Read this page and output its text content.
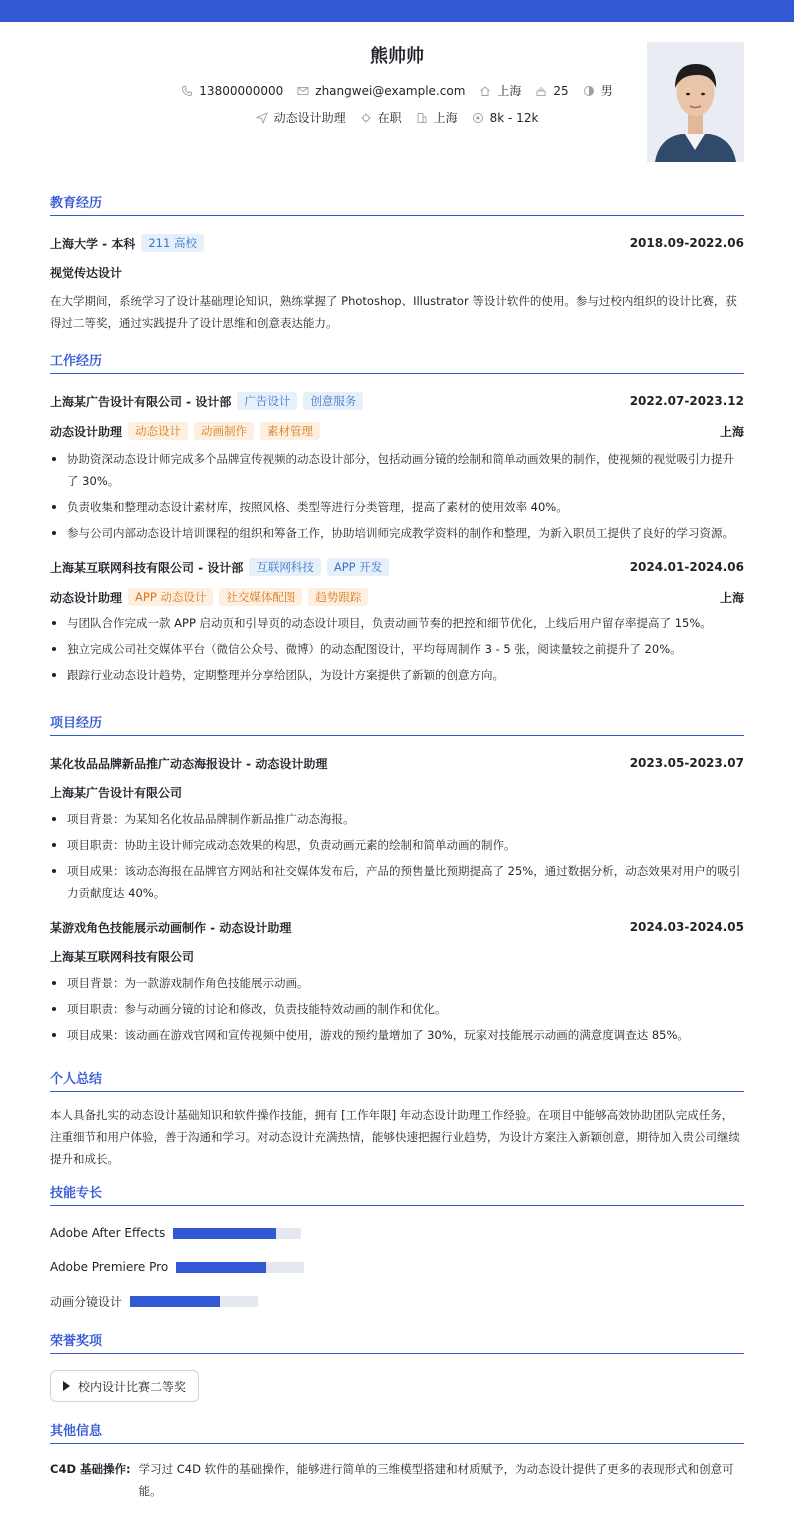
熊帅帅
13800000000	zhangwei@example.com	上海	25	男
动态设计助理	在职	上海	8k - 12k
教育经历
上海大学 - 本科	211 高校	2018.09-2022.06
视觉传达设计
在大学期间，系统学习了设计基础理论知识，熟练掌握了 Photoshop、Illustrator 等设计软件的使用。参与过校内组织的设计比赛，获得过二等奖，通过实践提升了设计思维和创意表达能力。
工作经历
上海某广告设计有限公司 - 设计部	广告设计	创意服务	2022.07-2023.12
动态设计助理	动态设计	动画制作	素材管理	上海
协助资深动态设计师完成多个品牌宣传视频的动态设计部分，包括动画分镜的绘制和简单动画效果的制作，使视频的视觉吸引力提升了 30%。
负责收集和整理动态设计素材库，按照风格、类型等进行分类管理，提高了素材的使用效率 40%。
参与公司内部动态设计培训课程的组织和筹备工作，协助培训师完成教学资料的制作和整理，为新入职员工提供了良好的学习资源。
上海某互联网科技有限公司 - 设计部	互联网科技	APP 开发	2024.01-2024.06
动态设计助理	APP 动态设计	社交媒体配图	趋势跟踪	上海
与团队合作完成一款 APP 启动页和引导页的动态设计项目，负责动画节奏的把控和细节优化，上线后用户留存率提高了 15%。
独立完成公司社交媒体平台（微信公众号、微博）的动态配图设计，平均每周制作 3 - 5 张，阅读量较之前提升了 20%。
跟踪行业动态设计趋势，定期整理并分享给团队，为设计方案提供了新颖的创意方向。
项目经历
某化妆品品牌新品推广动态海报设计 - 动态设计助理	2023.05-2023.07
上海某广告设计有限公司
项目背景：为某知名化妆品品牌制作新品推广动态海报。
项目职责：协助主设计师完成动态效果的构思，负责动画元素的绘制和简单动画的制作。
项目成果：该动态海报在品牌官方网站和社交媒体发布后，产品的预售量比预期提高了 25%，通过数据分析，动态效果对用户的吸引力贡献度达 40%。
某游戏角色技能展示动画制作 - 动态设计助理	2024.03-2024.05
上海某互联网科技有限公司
项目背景：为一款游戏制作角色技能展示动画。
项目职责：参与动画分镜的讨论和修改，负责技能特效动画的制作和优化。
项目成果：该动画在游戏官网和宣传视频中使用，游戏的预约量增加了 30%，玩家对技能展示动画的满意度调查达 85%。
个人总结
本人具备扎实的动态设计基础知识和软件操作技能，拥有 [工作年限] 年动态设计助理工作经验。在项目中能够高效协助团队完成任务，注重细节和用户体验，善于沟通和学习。对动态设计充满热情，能够快速把握行业趋势，为设计方案注入新颖创意，期待加入贵公司继续提升和成长。
技能专长
Adobe After Effects
Adobe Premiere Pro
动画分镜设计
荣誉奖项
校内设计比赛二等奖
其他信息
C4D 基础操作: 学习过 C4D 软件的基础操作，能够进行简单的三维模型搭建和材质赋予，为动态设计提供了更多的表现形式和创意可能。
